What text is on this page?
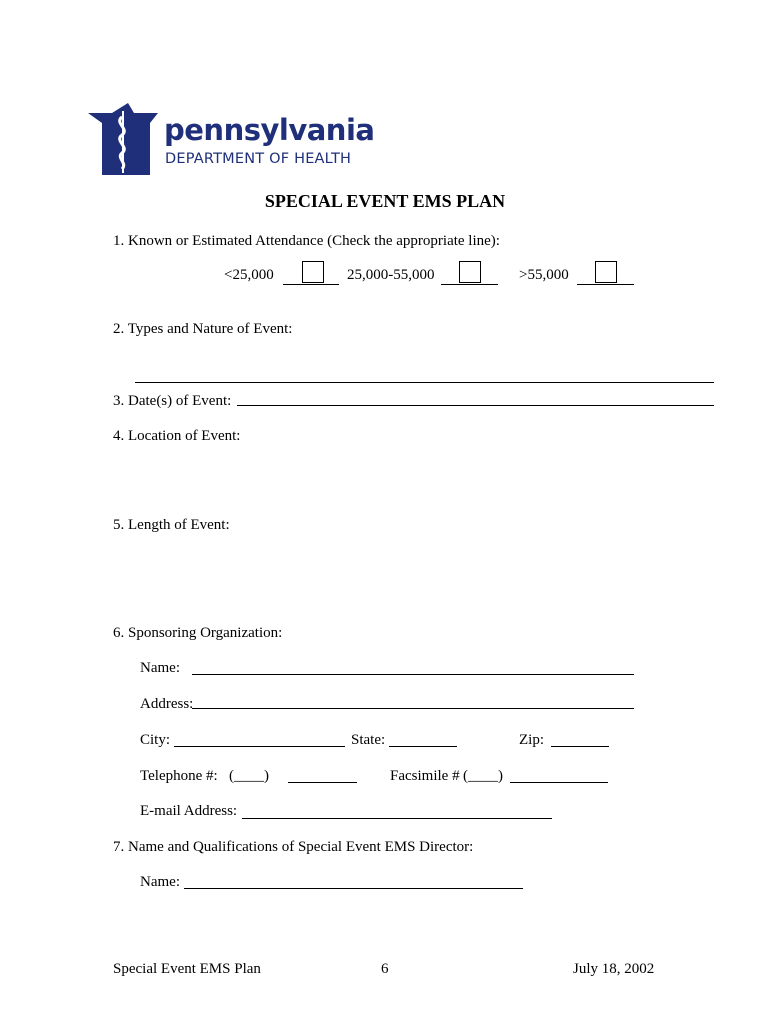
pennsylvania
DEPARTMENT OF HEALTH
SPECIAL EVENT EMS PLAN
1. Known or Estimated Attendance (Check the appropriate line):
<25,000	25,000-55,000	>55,000
2. Types and Nature of Event:
3. Date(s) of Event:
4. Location of Event:
5. Length of Event:
6. Sponsoring Organization:
Name:
Address:
City:	State:	Zip:
Telephone #: (____)	Facsimile # (____)
E-mail Address:
7. Name and Qualifications of Special Event EMS Director:
Name:
Special Event EMS Plan	6	July 18, 2002
